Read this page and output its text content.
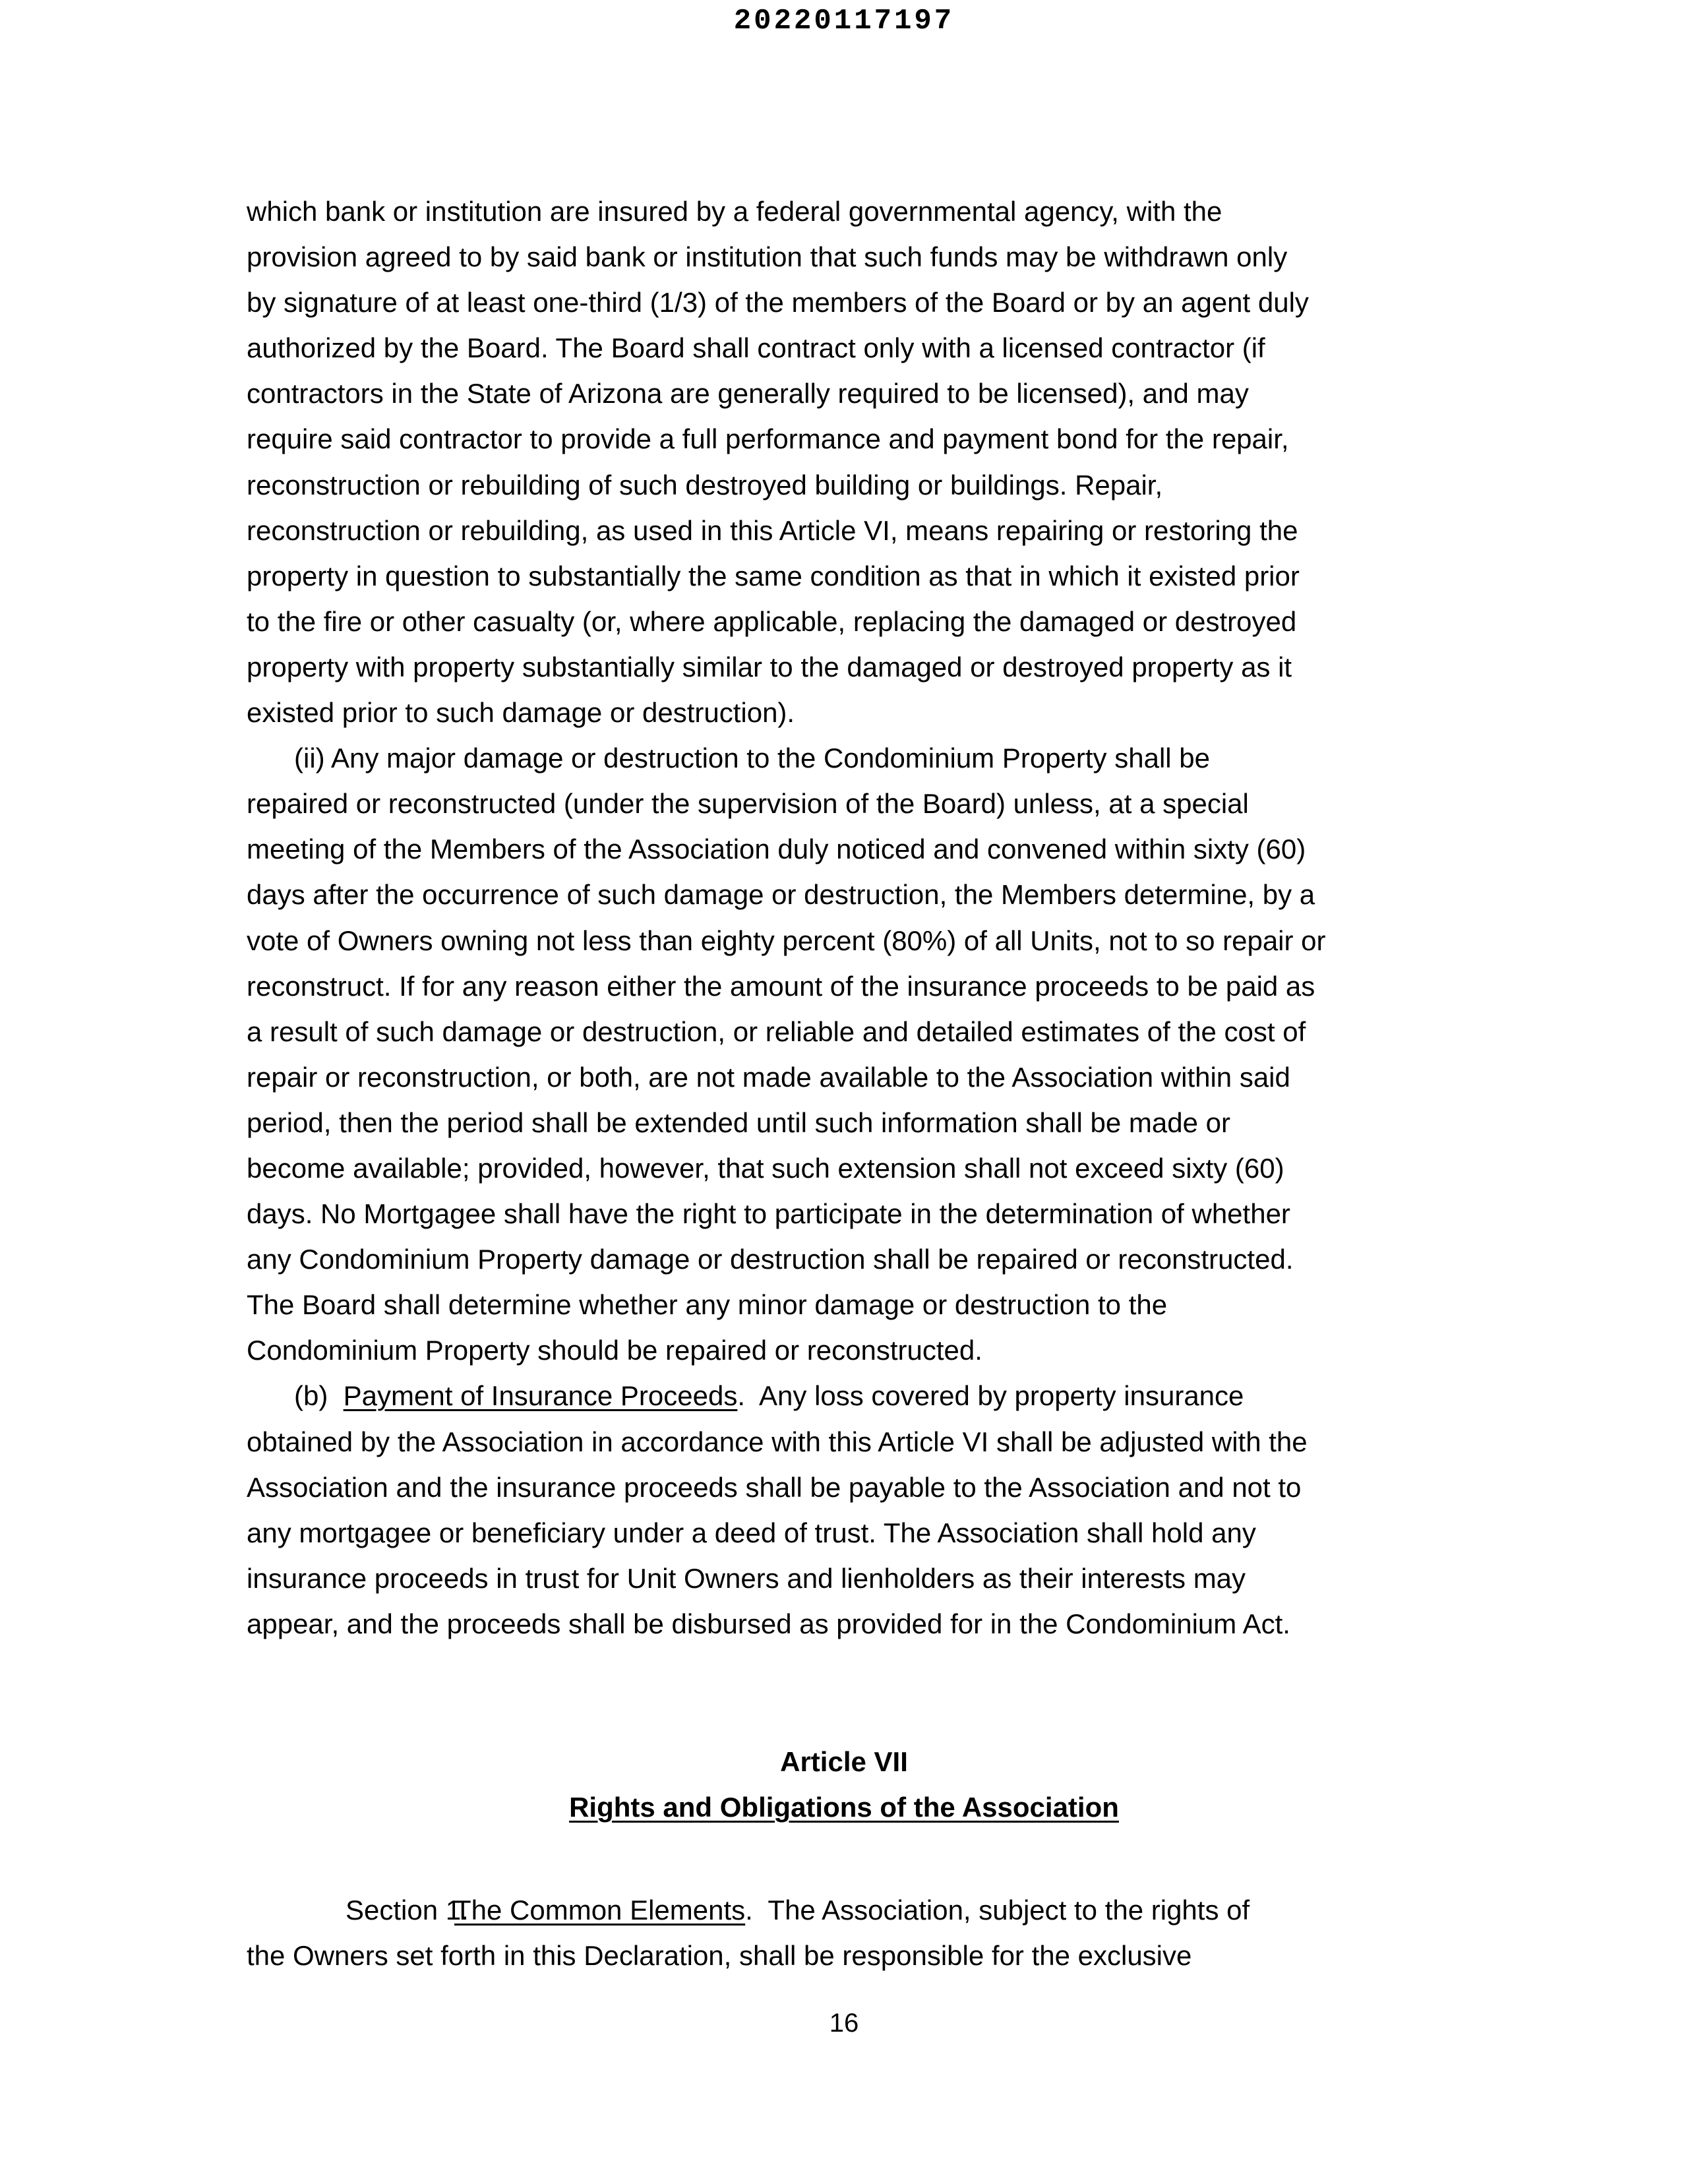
20220117197

which bank or institution are insured by a federal governmental agency, with the

provision agreed to by said bank or institution that such funds may be withdrawn only

by signature of at least one-third (1/3) of the members of the Board or by an agent duly

authorized by the Board. The Board shall contract only with a licensed contractor (if

contractors in the State of Arizona are generally required to be licensed), and may

require said contractor to provide a full performance and payment bond for the repair,

reconstruction or rebuilding of such destroyed building or buildings. Repair,

reconstruction or rebuilding, as used in this Article VI, means repairing or restoring the

property in question to substantially the same condition as that in which it existed prior

to the fire or other casualty (or, where applicable, replacing the damaged or destroyed

property with property substantially similar to the damaged or destroyed property as it

existed prior to such damage or destruction).

(ii) Any major damage or destruction to the Condominium Property shall be

repaired or reconstructed (under the supervision of the Board) unless, at a special

meeting of the Members of the Association duly noticed and convened within sixty (60)

days after the occurrence of such damage or destruction, the Members determine, by a

vote of Owners owning not less than eighty percent (80%) of all Units, not to so repair or

reconstruct. If for any reason either the amount of the insurance proceeds to be paid as

a result of such damage or destruction, or reliable and detailed estimates of the cost of

repair or reconstruction, or both, are not made available to the Association within said

period, then the period shall be extended until such information shall be made or

become available; provided, however, that such extension shall not exceed sixty (60)

days. No Mortgagee shall have the right to participate in the determination of whether

any Condominium Property damage or destruction shall be repaired or reconstructed.

The Board shall determine whether any minor damage or destruction to the

Condominium Property should be repaired or reconstructed.

(b)  Payment of Insurance Proceeds.  Any loss covered by property insurance

obtained by the Association in accordance with this Article VI shall be adjusted with the

Association and the insurance proceeds shall be payable to the Association and not to

any mortgagee or beneficiary under a deed of trust. The Association shall hold any

insurance proceeds in trust for Unit Owners and lienholders as their interests may

appear, and the proceeds shall be disbursed as provided for in the Condominium Act.

Article VII
Rights and Obligations of the Association

Section 1.The Common Elements.  The Association, subject to the rights of

the Owners set forth in this Declaration, shall be responsible for the exclusive

16
